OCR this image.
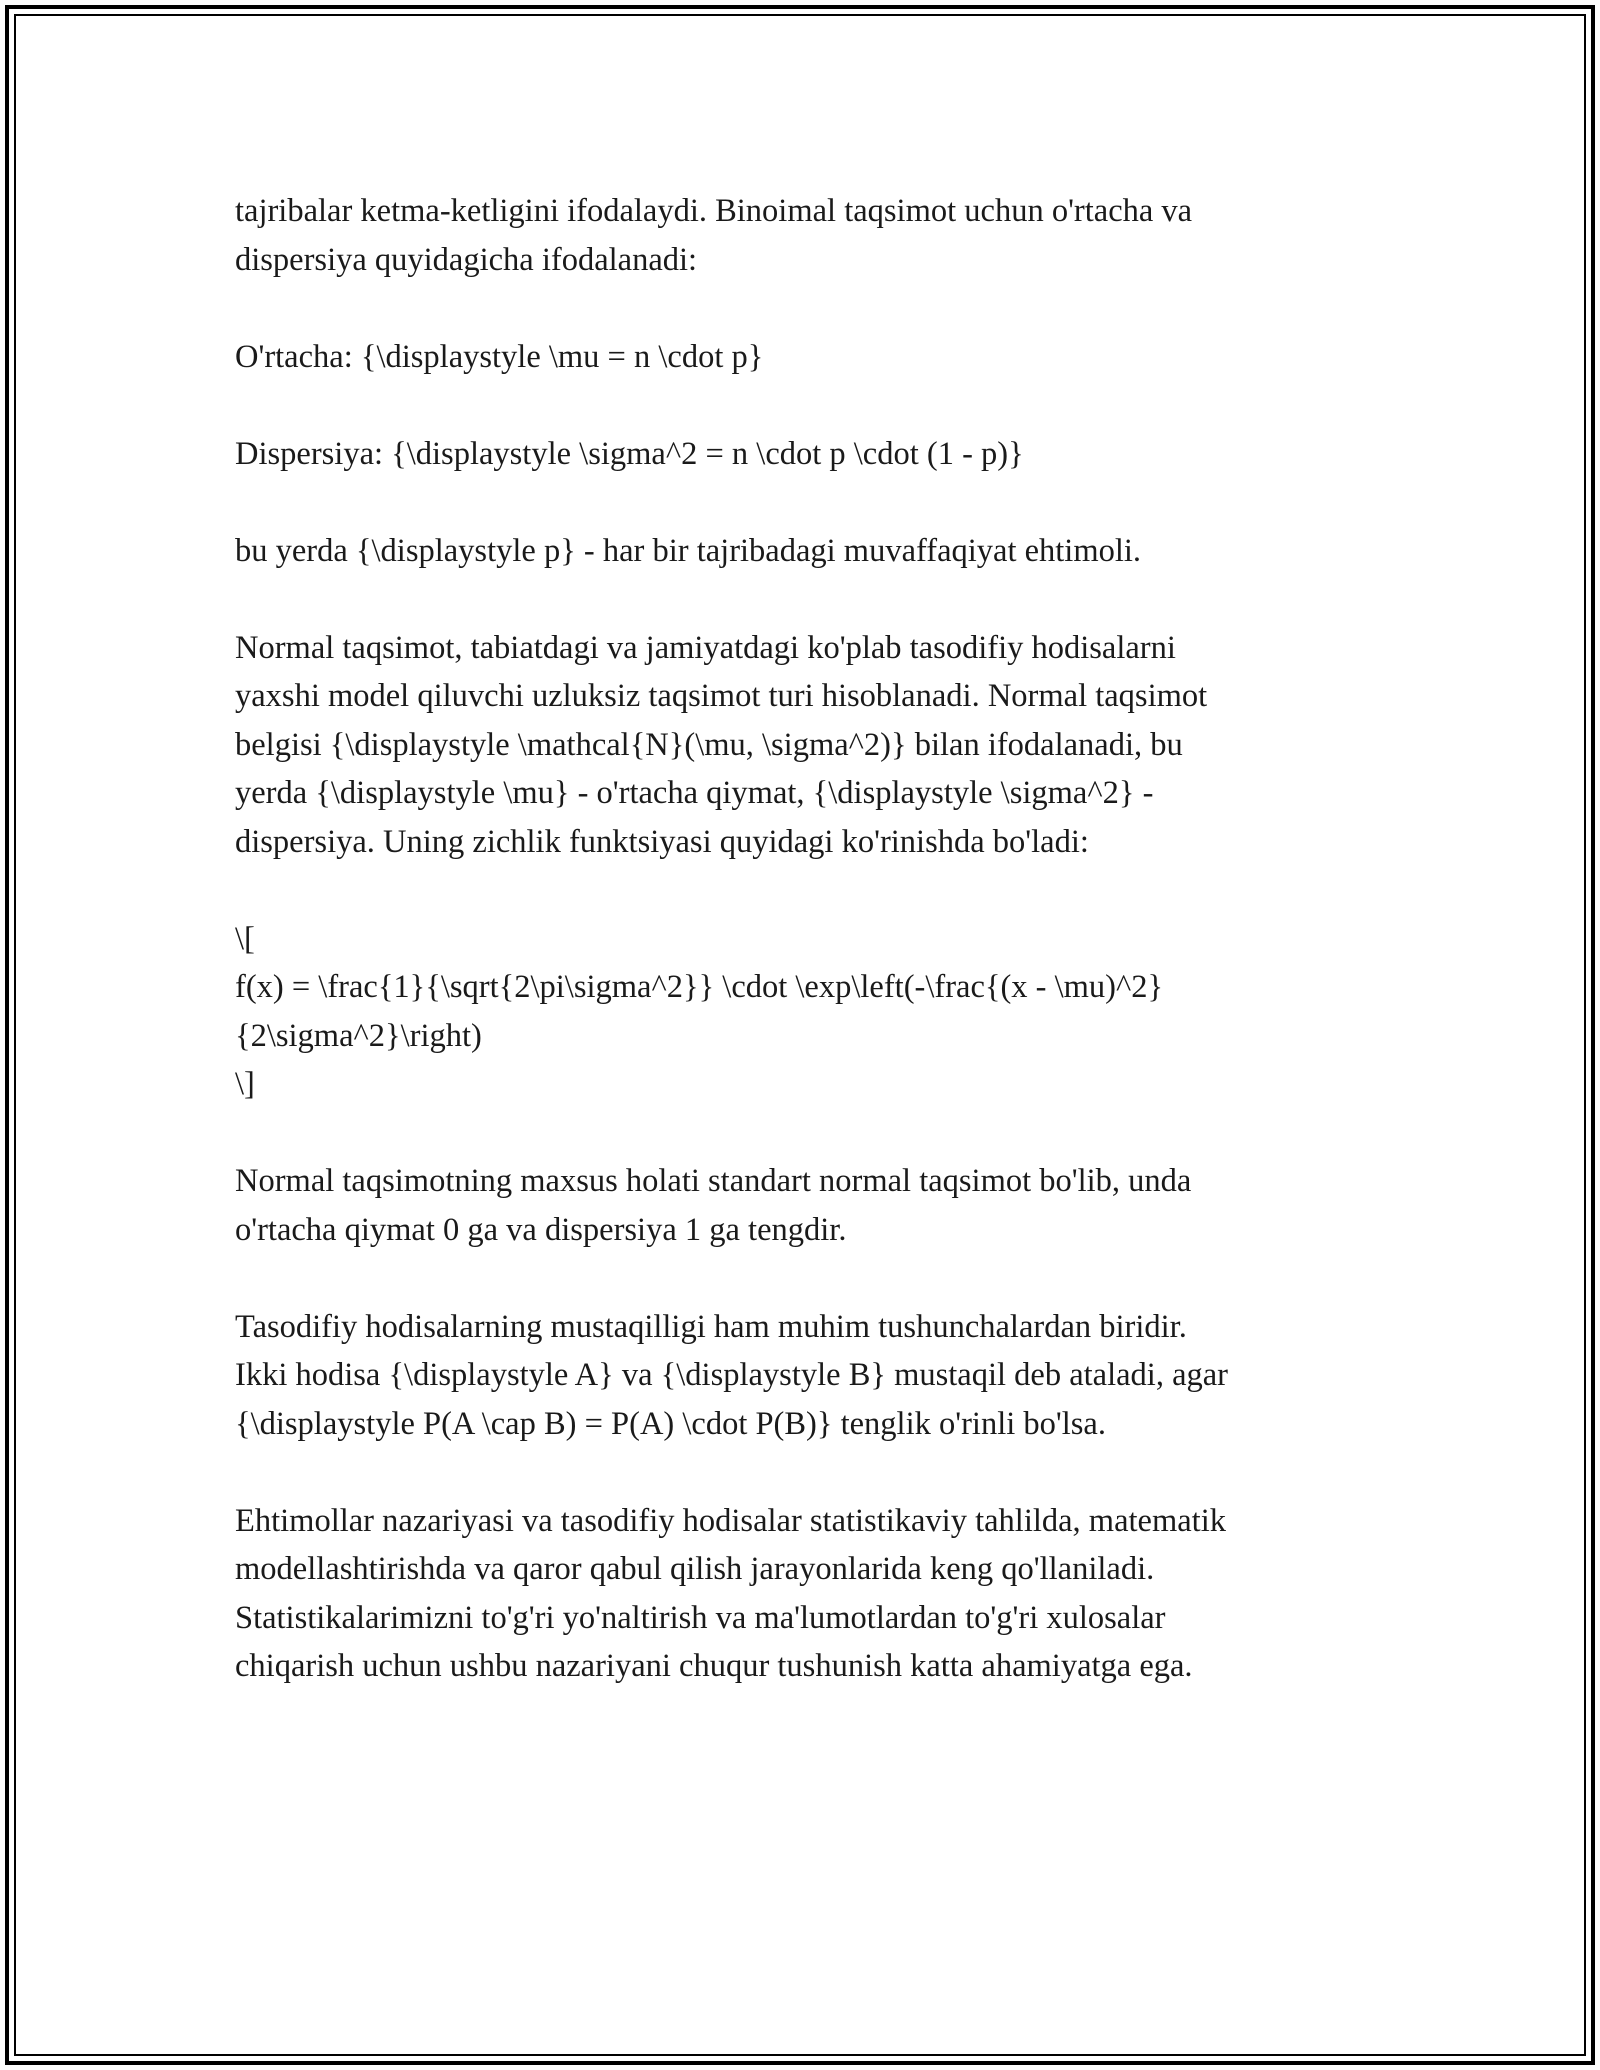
tajribalar ketma-ketligini ifodalaydi. Binoimal taqsimot uchun o'rtacha va
dispersiya quyidagicha ifodalanadi:

O'rtacha: {\displaystyle \mu = n \cdot p}

Dispersiya: {\displaystyle \sigma^2 = n \cdot p \cdot (1 - p)}

bu yerda {\displaystyle p} - har bir tajribadagi muvaffaqiyat ehtimoli.

Normal taqsimot, tabiatdagi va jamiyatdagi ko'plab tasodifiy hodisalarni
yaxshi model qiluvchi uzluksiz taqsimot turi hisoblanadi. Normal taqsimot
belgisi {\displaystyle \mathcal{N}(\mu, \sigma^2)} bilan ifodalanadi, bu
yerda {\displaystyle \mu} - o'rtacha qiymat, {\displaystyle \sigma^2} -
dispersiya. Uning zichlik funktsiyasi quyidagi ko'rinishda bo'ladi:

\[
f(x) = \frac{1}{\sqrt{2\pi\sigma^2}} \cdot \exp\left(-\frac{(x - \mu)^2}
{2\sigma^2}\right)
\]

Normal taqsimotning maxsus holati standart normal taqsimot bo'lib, unda
o'rtacha qiymat 0 ga va dispersiya 1 ga tengdir.

Tasodifiy hodisalarning mustaqilligi ham muhim tushunchalardan biridir.
Ikki hodisa {\displaystyle A} va {\displaystyle B} mustaqil deb ataladi, agar
{\displaystyle P(A \cap B) = P(A) \cdot P(B)} tenglik o'rinli bo'lsa.

Ehtimollar nazariyasi va tasodifiy hodisalar statistikaviy tahlilda, matematik
modellashtirishda va qaror qabul qilish jarayonlarida keng qo'llaniladi.
Statistikalarimizni to'g'ri yo'naltirish va ma'lumotlardan to'g'ri xulosalar
chiqarish uchun ushbu nazariyani chuqur tushunish katta ahamiyatga ega.
